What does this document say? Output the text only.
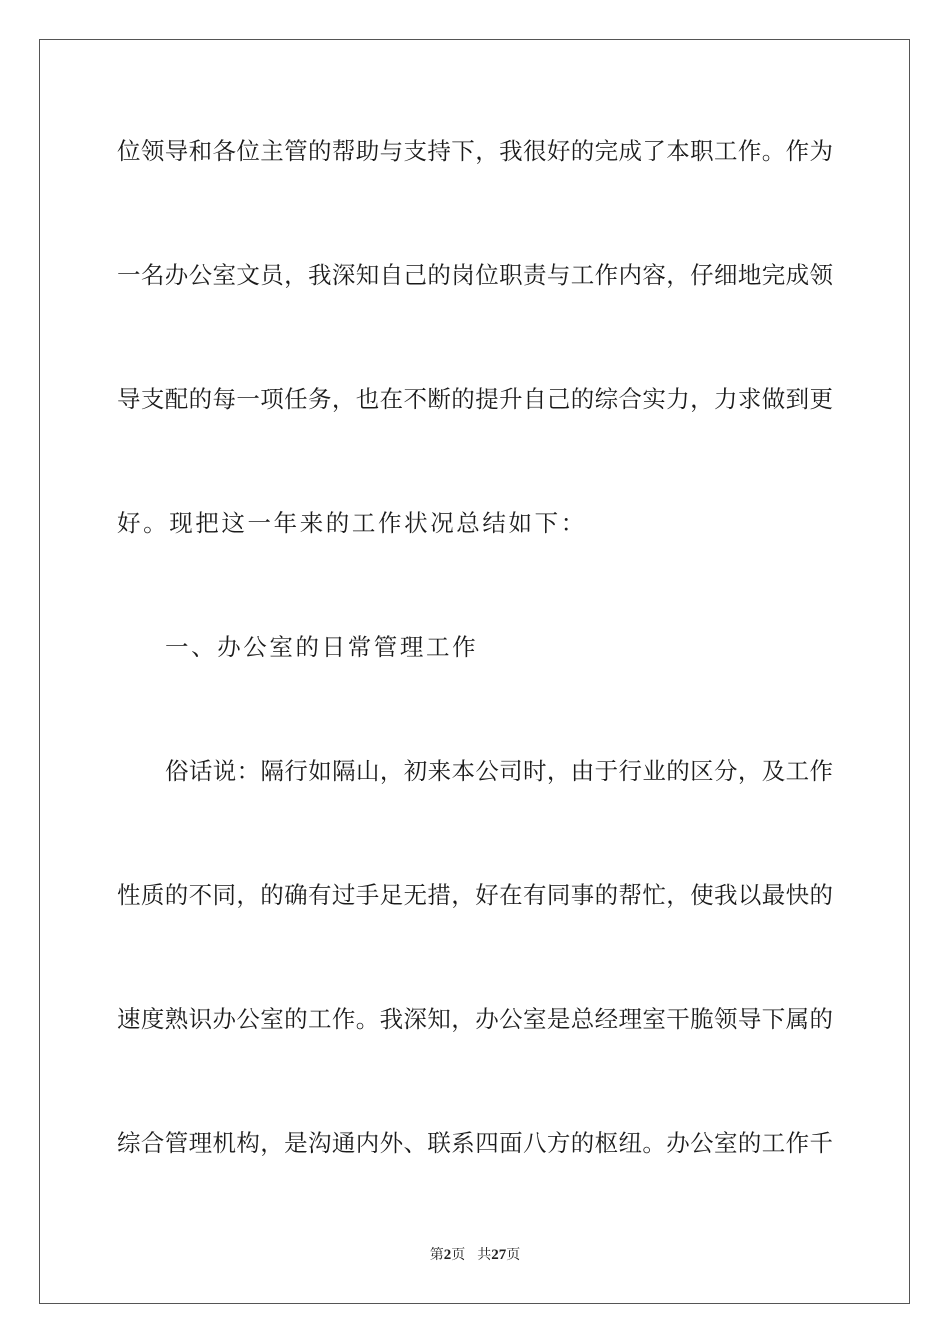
位领导和各位主管的帮助与支持下，我很好的完成了本职工作。作为
一名办公室文员，我深知自己的岗位职责与工作内容，仔细地完成领
导支配的每一项任务，也在不断的提升自己的综合实力，力求做到更
好。现把这一年来的工作状况总结如下：
一、办公室的日常管理工作
俗话说：隔行如隔山，初来本公司时，由于行业的区分，及工作
性质的不同，的确有过手足无措，好在有同事的帮忙，使我以最快的
速度熟识办公室的工作。我深知，办公室是总经理室干脆领导下属的
综合管理机构，是沟通内外、联系四面八方的枢纽。办公室的工作千
第2页 共27页
